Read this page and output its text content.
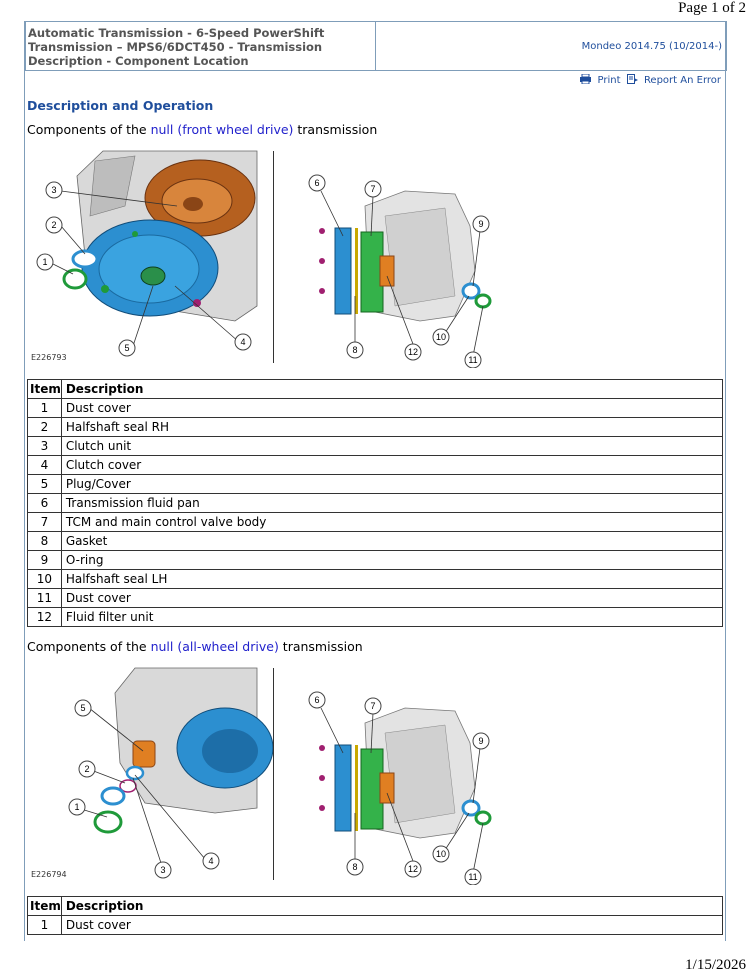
Page 1 of 2
Automatic Transmission - 6-Speed PowerShift Transmission – MPS6/6DCT450 - Transmission Description - Component Location
Mondeo 2014.75 (10/2014-)
Print Report An Error
Description and Operation
Components of the null (front wheel drive) transmission
3
2
1
5
4
6
7
9
8	12
10
11
E226793
Item	Description
1	Dust cover
2	Halfshaft seal RH
3	Clutch unit
4	Clutch cover
5	Plug/Cover
6	Transmission fluid pan
7	TCM and main control valve body
8	Gasket
9	O-ring
10	Halfshaft seal LH
11	Dust cover
12	Fluid filter unit
Components of the null (all-wheel drive) transmission
5
2
1
3
4
6
7
9
8	12
10
11
E226794
Item	Description
1	Dust cover
1/15/2026
